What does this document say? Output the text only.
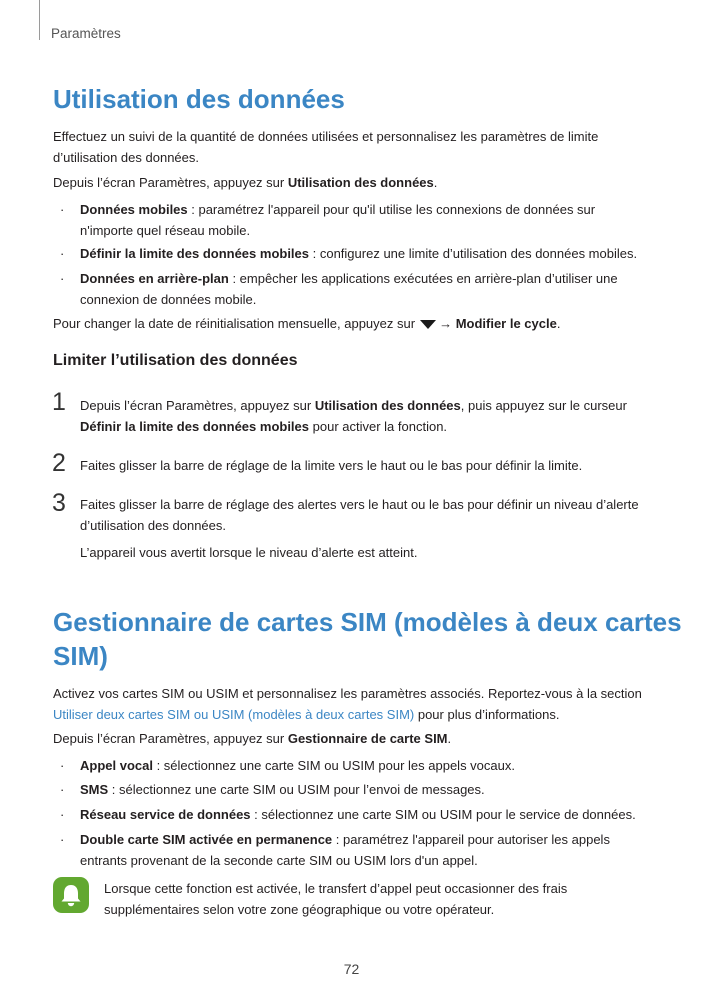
Paramètres
Utilisation des données

Effectuez un suivi de la quantité de données utilisées et personnalisez les paramètres de limite
d’utilisation des données.

Depuis l’écran Paramètres, appuyez sur Utilisation des données.

· Données mobiles : paramétrez l'appareil pour qu'il utilise les connexions de données sur
n'importe quel réseau mobile.

· Définir la limite des données mobiles : configurez une limite d’utilisation des données mobiles.

· Données en arrière-plan : empêcher les applications exécutées en arrière-plan d’utiliser une
connexion de données mobile.

Pour changer la date de réinitialisation mensuelle, appuyez sur → Modifier le cycle.

Limiter l’utilisation des données
1 Depuis l’écran Paramètres, appuyez sur Utilisation des données, puis appuyez sur le curseur
Définir la limite des données mobiles pour activer la fonction.

2 Faites glisser la barre de réglage de la limite vers le haut ou le bas pour définir la limite.

3 Faites glisser la barre de réglage des alertes vers le haut ou le bas pour définir un niveau d’alerte
d’utilisation des données.

L’appareil vous avertit lorsque le niveau d’alerte est atteint.

Gestionnaire de cartes SIM (modèles à deux cartes
SIM)

Activez vos cartes SIM ou USIM et personnalisez les paramètres associés. Reportez-vous à la section
Utiliser deux cartes SIM ou USIM (modèles à deux cartes SIM) pour plus d’informations.

Depuis l’écran Paramètres, appuyez sur Gestionnaire de carte SIM.

· Appel vocal : sélectionnez une carte SIM ou USIM pour les appels vocaux.

· SMS : sélectionnez une carte SIM ou USIM pour l’envoi de messages.

· Réseau service de données : sélectionnez une carte SIM ou USIM pour le service de données.

· Double carte SIM activée en permanence : paramétrez l'appareil pour autoriser les appels
entrants provenant de la seconde carte SIM ou USIM lors d'un appel.

Lorsque cette fonction est activée, le transfert d’appel peut occasionner des frais
supplémentaires selon votre zone géographique ou votre opérateur.

72
